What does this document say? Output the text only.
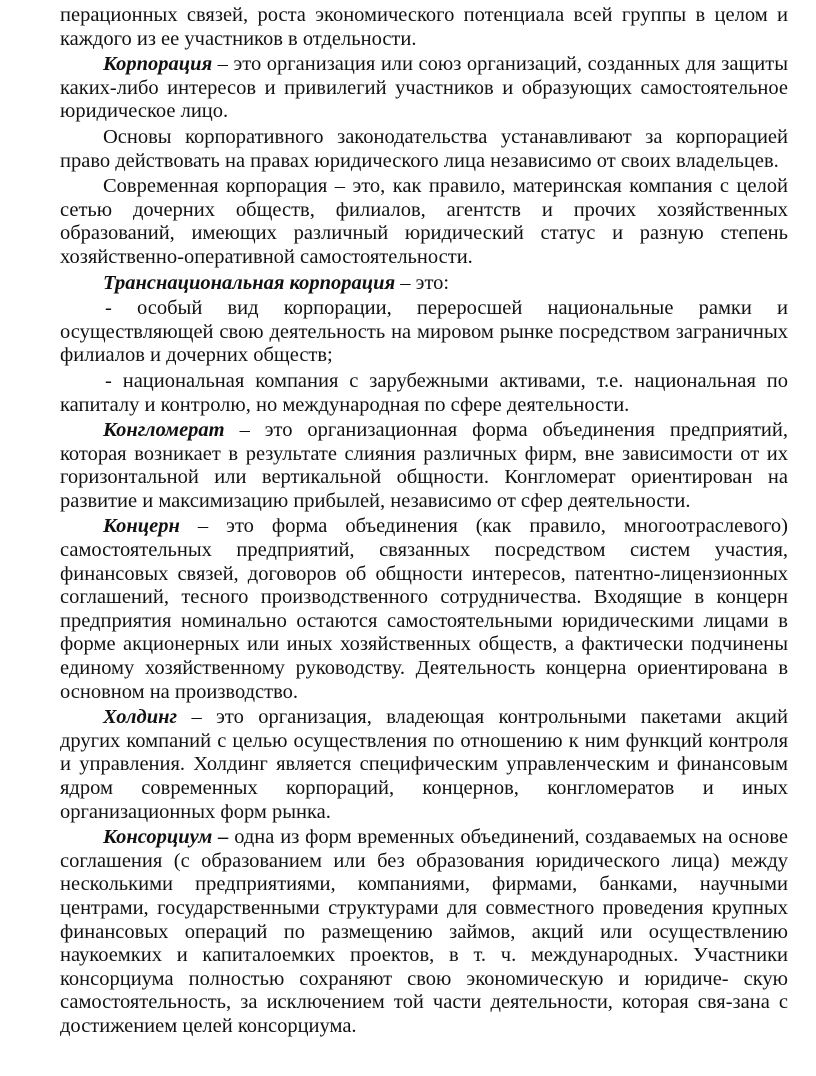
перационных связей, роста экономического потенциала всей группы в целом и каждого из ее участников в отдельности.

Корпорация – это организация или союз организаций, созданных для защиты каких-либо интересов и привилегий участников и образующих самостоятельное юридическое лицо.

Основы корпоративного законодательства устанавливают за корпорацией право действовать на правах юридического лица независимо от своих владельцев.

Современная корпорация – это, как правило, материнская компания с целой сетью дочерних обществ, филиалов, агентств и прочих хозяйственных образований, имеющих различный юридический статус и разную степень хозяйственно-оперативной самостоятельности.

Транснациональная корпорация – это:

- особый вид корпорации, переросшей национальные рамки и осуществляющей свою деятельность на мировом рынке посредством заграничных филиалов и дочерних обществ;

- национальная компания с зарубежными активами, т.е. национальная по капиталу и контролю, но международная по сфере деятельности.

Конгломерат – это организационная форма объединения предприятий, которая возникает в результате слияния различных фирм, вне зависимости от их горизонтальной или вертикальной общности. Конгломерат ориентирован на развитие и максимизацию прибылей, независимо от сфер деятельности.

Концерн – это форма объединения (как правило, многоотраслевого) самостоятельных предприятий, связанных посредством систем участия, финансовых связей, договоров об общности интересов, патентно-лицензионных соглашений, тесного производственного сотрудничества. Входящие в концерн предприятия номинально остаются самостоятельными юридическими лицами в форме акционерных или иных хозяйственных обществ, а фактически подчинены единому хозяйственному руководству. Деятельность концерна ориентирована в основном на производство.

Холдинг – это организация, владеющая контрольными пакетами акций других компаний с целью осуществления по отношению к ним функций контроля и управления. Холдинг является специфическим управленческим и финансовым ядром современных корпораций, концернов, конгломератов и иных организационных форм рынка.

Консорциум – одна из форм временных объединений, создаваемых на основе соглашения (с образованием или без образования юридического лица) между несколькими предприятиями, компаниями, фирмами, банками, научными центрами, государственными структурами для совместного проведения крупных финансовых операций по размещению займов, акций или осуществлению наукоемких и капиталоемких проектов, в т. ч. международных. Участники консорциума полностью сохраняют свою экономическую и юридиче- скую самостоятельность, за исключением той части деятельности, которая свя-зана с достижением целей консорциума.
